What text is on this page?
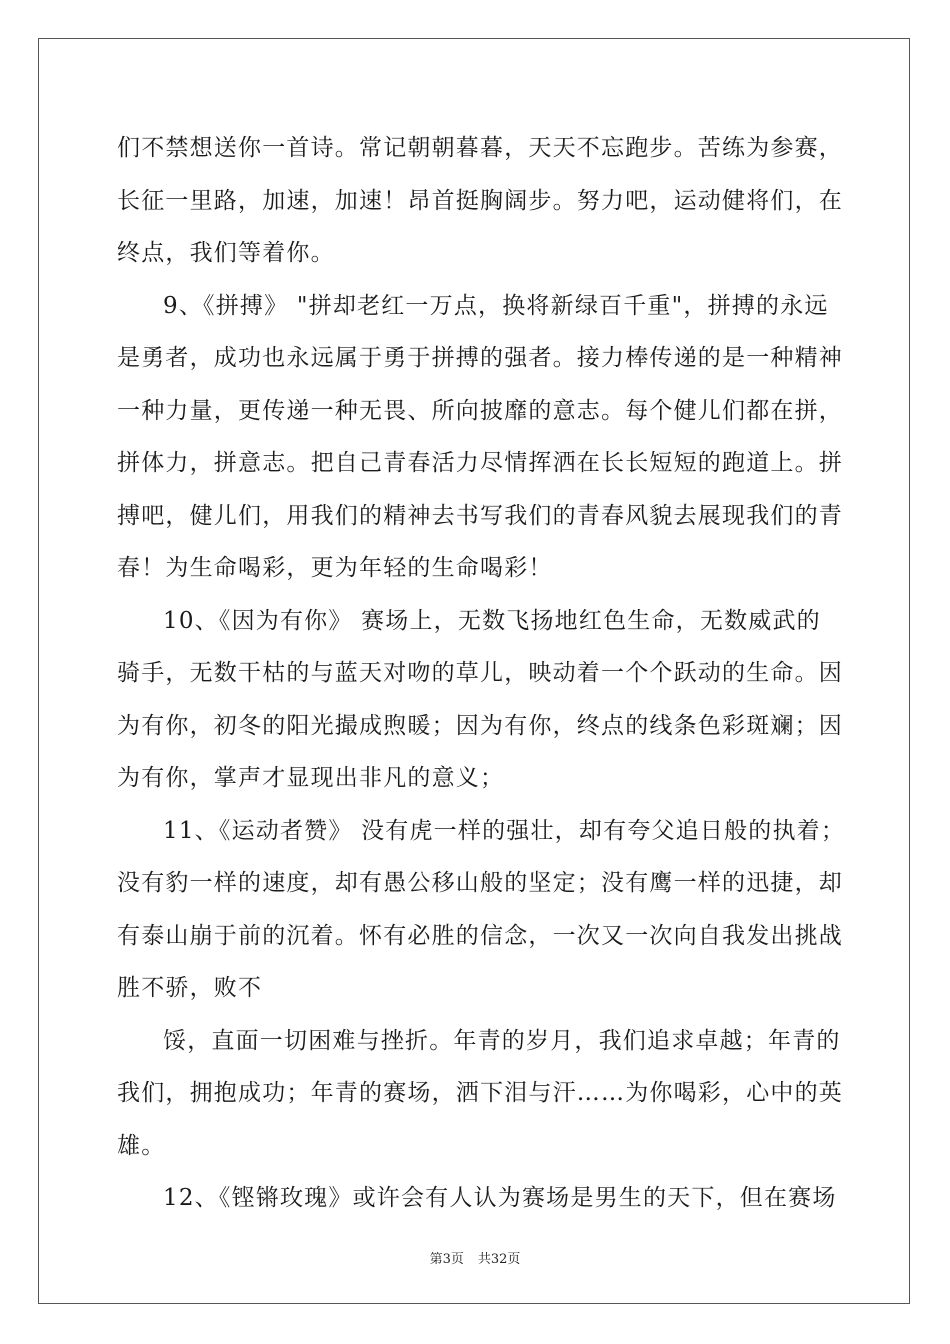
们不禁想送你一首诗。常记朝朝暮暮，天天不忘跑步。苦练为参赛，
长征一里路，加速，加速！昂首挺胸阔步。努力吧，运动健将们，在
终点，我们等着你。
9、《拼搏》 "拼却老红一万点，换将新绿百千重"，拼搏的永远
是勇者，成功也永远属于勇于拼搏的强者。接力棒传递的是一种精神
一种力量，更传递一种无畏、所向披靡的意志。每个健儿们都在拼，
拼体力，拼意志。把自己青春活力尽情挥洒在长长短短的跑道上。拼
搏吧，健儿们，用我们的精神去书写我们的青春风貌去展现我们的青
春！为生命喝彩，更为年轻的生命喝彩！
10、《因为有你》 赛场上，无数飞扬地红色生命，无数威武的
骑手，无数干枯的与蓝天对吻的草儿，映动着一个个跃动的生命。因
为有你，初冬的阳光撮成煦暖；因为有你，终点的线条色彩斑斓；因
为有你，掌声才显现出非凡的意义；
11、《运动者赞》 没有虎一样的强壮，却有夸父追日般的执着；
没有豹一样的速度，却有愚公移山般的坚定；没有鹰一样的迅捷，却
有泰山崩于前的沉着。怀有必胜的信念，一次又一次向自我发出挑战
胜不骄，败不
馁，直面一切困难与挫折。年青的岁月，我们追求卓越；年青的
我们，拥抱成功；年青的赛场，洒下泪与汗……为你喝彩，心中的英
雄。
12、《铿锵玫瑰》或许会有人认为赛场是男生的天下，但在赛场
第3页 共32页
